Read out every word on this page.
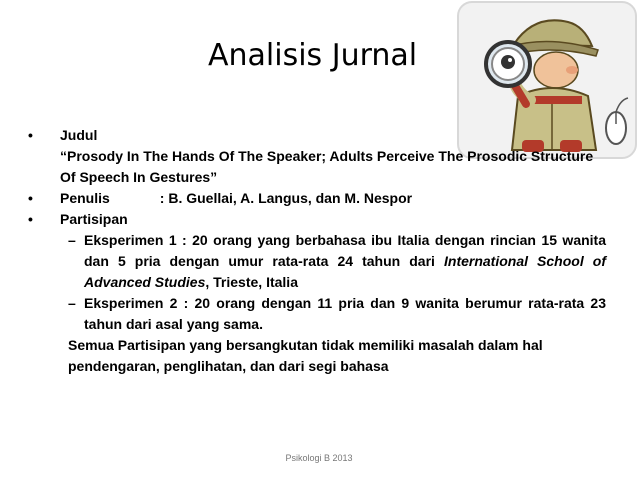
Analisis Jurnal
• Judul
“Prosody In The Hands Of The Speaker; Adults Perceive The Prosodic Structure Of Speech In Gestures”
• Penulis	: B. Guellai, A. Langus, dan M. Nespor
• Partisipan
– Eksperimen 1 : 20 orang yang berbahasa ibu Italia dengan rincian 15 wanita dan 5 pria dengan umur rata-rata 24 tahun dari International School of Advanced Studies, Trieste, Italia
– Eksperimen 2 : 20 orang dengan 11 pria dan 9 wanita berumur rata-rata 23 tahun dari asal yang sama.
Semua Partisipan yang bersangkutan tidak memiliki masalah dalam hal pendengaran, penglihatan, dan dari segi bahasa
Psikologi B 2013
